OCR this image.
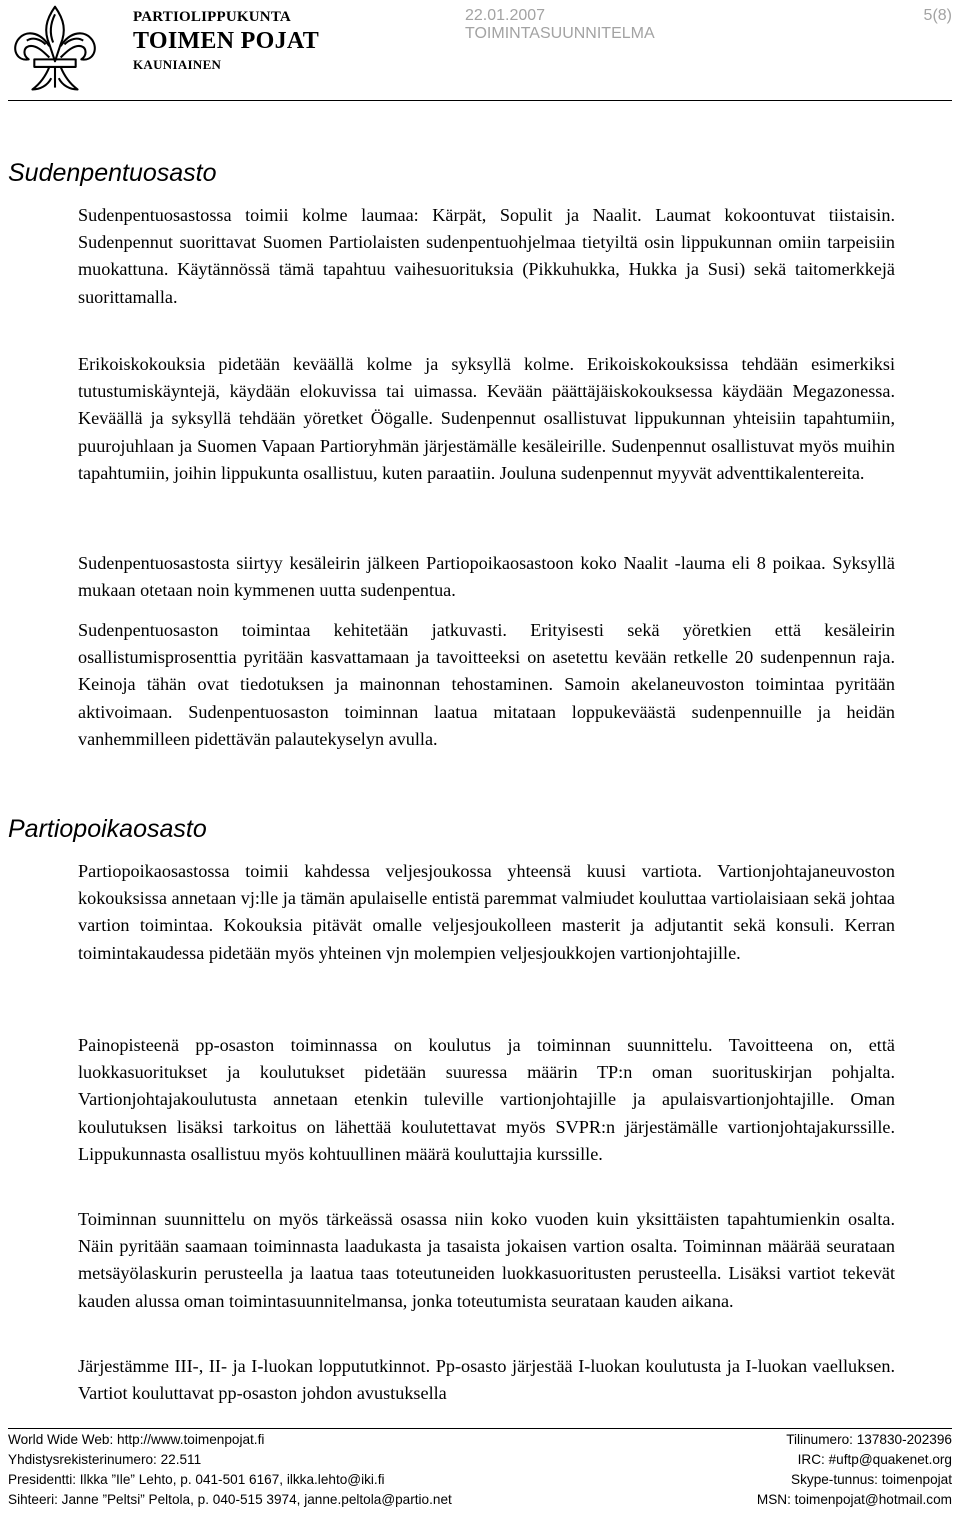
PARTIOLIPPUKUNTA
TOIMEN POJAT
KAUNIAINEN
22.01.2007
TOIMINTASUUNNITELMA
5(8)
Sudenpentuosasto

Sudenpentuosastossa toimii kolme laumaa: Kärpät, Sopulit ja Naalit. Laumat kokoontuvat tiistaisin. Sudenpennut suorittavat Suomen Partiolaisten sudenpentuohjelmaa tietyiltä osin lippukunnan omiin tarpeisiin muokattuna. Käytännössä tämä tapahtuu vaihesuorituksia (Pikkuhukka, Hukka ja Susi) sekä taitomerkkejä suorittamalla.

Erikoiskokouksia pidetään keväällä kolme ja syksyllä kolme. Erikoiskokouksissa tehdään esimerkiksi tutustumiskäyntejä, käydään elokuvissa tai uimassa. Kevään päättäjäiskokouksessa käydään Megazonessa. Keväällä ja syksyllä tehdään yöretket Öögalle. Sudenpennut osallistuvat lippukunnan yhteisiin tapahtumiin, puurojuhlaan ja Suomen Vapaan Partioryhmän järjestämälle kesäleirille. Sudenpennut osallistuvat myös muihin tapahtumiin, joihin lippukunta osallistuu, kuten paraatiin. Jouluna sudenpennut myyvät adventtikalentereita.

Sudenpentuosastosta siirtyy kesäleirin jälkeen Partiopoikaosastoon koko Naalit -lauma eli 8 poikaa. Syksyllä mukaan otetaan noin kymmenen uutta sudenpentua.

Sudenpentuosaston toimintaa kehitetään jatkuvasti. Erityisesti sekä yöretkien että kesäleirin osallistumisprosenttia pyritään kasvattamaan ja tavoitteeksi on asetettu kevään retkelle 20 sudenpennun raja. Keinoja tähän ovat tiedotuksen ja mainonnan tehostaminen. Samoin akelaneuvoston toimintaa pyritään aktivoimaan. Sudenpentuosaston toiminnan laatua mitataan loppukeväästä sudenpennuille ja heidän vanhemmilleen pidettävän palautekyselyn avulla.

Partiopoikaosasto

Partiopoikaosastossa toimii kahdessa veljesjoukossa yhteensä kuusi vartiota. Vartionjohtajaneuvoston kokouksissa annetaan vj:lle ja tämän apulaiselle entistä paremmat valmiudet kouluttaa vartiolaisiaan sekä johtaa vartion toimintaa. Kokouksia pitävät omalle veljesjoukolleen masterit ja adjutantit sekä konsuli. Kerran toimintakaudessa pidetään myös yhteinen vjn molempien veljesjoukkojen vartionjohtajille.

Painopisteenä pp-osaston toiminnassa on koulutus ja toiminnan suunnittelu. Tavoitteena on, että luokkasuoritukset ja koulutukset pidetään suuressa määrin TP:n oman suorituskirjan pohjalta. Vartionjohtajakoulutusta annetaan etenkin tuleville vartionjohtajille ja apulaisvartionjohtajille. Oman koulutuksen lisäksi tarkoitus on lähettää koulutettavat myös SVPR:n järjestämälle vartionjohtajakurssille. Lippukunnasta osallistuu myös kohtuullinen määrä kouluttajia kurssille.

Toiminnan suunnittelu on myös tärkeässä osassa niin koko vuoden kuin yksittäisten tapahtumienkin osalta. Näin pyritään saamaan toiminnasta laadukasta ja tasaista jokaisen vartion osalta. Toiminnan määrää seurataan metsäyölaskurin perusteella ja laatua taas toteutuneiden luokkasuoritusten perusteella. Lisäksi vartiot tekevät kauden alussa oman toimintasuunnitelmansa, jonka toteutumista seurataan kauden aikana.

Järjestämme III-, II- ja I-luokan loppututkinnot. Pp-osasto järjestää I-luokan koulutusta ja I-luokan vaelluksen. Vartiot kouluttavat pp-osaston johdon avustuksella

World Wide Web: http://www.toimenpojat.fi
Yhdistysrekisterinumero: 22.511
Presidentti: Ilkka ”Ile” Lehto, p. 041-501 6167, ilkka.lehto@iki.fi
Sihteeri: Janne ”Peltsi” Peltola, p. 040-515 3974, janne.peltola@partio.net
Tilinumero: 137830-202396
IRC: #uftp@quakenet.org
Skype-tunnus: toimenpojat
MSN: toimenpojat@hotmail.com
